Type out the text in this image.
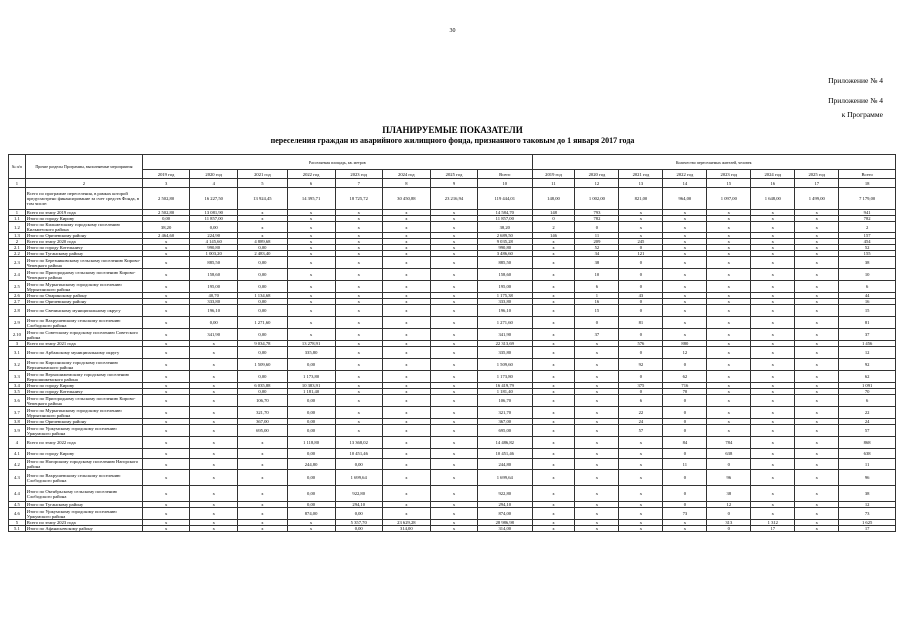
30
Приложение № 4
Приложение № 4
к Программе
ПЛАНИРУЕМЫЕ ПОКАЗАТЕЛИ
переселения граждан из аварийного жилищного фонда, признанного таковым до 1 января 2017 года
№ п/п	Прочие разделы Программы, выполняемые мероприятия	Расселяемая площадь, кв. метров								Количество переселяемых жителей, человек							
		2019 год	2020 год	2021 год	2022 год	2023 год	2024 год	2025 год	Всего	2019 год	2020 год	2021 год	2022 год	2023 год	2024 год	2025 год	Всего
1	2	3	4	5	6	7	8	9	10	11	12	13	14	15	16	17	18
	Всего по программе переселения, в рамках которой предусмотрено финансирование за счет средств Фонда, в том числе:	2 502,80	16 227,50	13 924,45	14 395,71	18 725,72	30 450,88	23 216,94	119 444,01	148,00	1 002,00	821,00	964,00	1 097,00	1 648,00	1 499,00	7 179,00
1	Всего по этапу 2019 года	2 502,80	13 081,90	x	x	x	x	x	14 584,70	148	793	x	x	x	x	x	941
1.1	Итого по городу Кирову	0,00	11 857,00	x	x	x	x	x	11 857,00	0	782	x	x	x	x	x	782
1.2	Итого по Кильмезскому городскому поселению Кильмезского района	38,20	0,00	x	x	x	x	x	38,20	2	0	x	x	x	x	x	2
1.3	Итого по Оричевскому району	2 464,60	224,90	x	x	x	x	x	2 689,50	146	11	x	x	x	x	x	157
2	Всего по этапу 2020 года	x	4 145,60	4 889,68	x	x	x	x	9 035,28	x	209	245	x	x	x	x	454
2.1	Итого по городу Котельничу	x	990,80	0,00	x	x	x	x	990,80	x	52	0	x	x	x	x	52
2.2	Итого по Туганскому району	x	1 003,20	2 483,40	x	x	x	x	3 486,60	x	34	121	x	x	x	x	155
2.3	Итого по Березниковскому сельскому поселению Кирово-Чепецкого района	x	885,50	0,00	x	x	x	x	885,50	x	38	0	x	x	x	x	38
2.4	Итого по Пригородному сельскому поселению Кирово-Чепецкого района	x	158,60	0,00	x	x	x	x	158,60	x	10	0	x	x	x	x	10
2.5	Итого по Мурыгинскому городскому поселению Мурыгинского района	x	195,00	0,00	x	x	x	x	195,00	x	6	0	x	x	x	x	6
2.6	Итого по Опаринскому району	x	40,70	1 134,68	x	x	x	x	1 175,38	x	1	43	x	x	x	x	44
2.7	Итого по Оричевскому району	x	333,80	0,00	x	x	x	x	333,80	x	16	0	x	x	x	x	16
2.8	Итого по Свечинскому муниципальному округу	x	196,10	0,00	x	x	x	x	196,10	x	15	0	x	x	x	x	15
2.9	Итого по Вахрушевскому сельскому поселению Слободского района	x	0,00	1 271,60	x	x	x	x	1 271,60	x	0	81	x	x	x	x	81
2.10	Итого по Советскому городскому поселению Советского района	x	341,90	0,00	x	x	x	x	341,90	x	37	0	x	x	x	x	37
3	Всего по этапу 2021 года	x	x	9 034,78	13 278,91	x	x	x	22 313,69	x	x	576	880	x	x	x	1 456
3.1	Итого по Арбажскому муниципальному округу	x	x	0,00	335,80	x	x	x	335,80	x	x	0	12	x	x	x	12
3.2	Итого по Кирсинскому городскому поселению Верхнекамского района	x	x	1 509,60	0,00	x	x	x	1 509,60	x	x	92	0	x	x	x	92
3.3	Итого по Верхошижемскому городскому поселению Верхошижемского района	x	x	0,00	1 173,80	x	x	x	1 173,80	x	x	0	62	x	x	x	62
3.4	Итого по городу Кирову	x	x	6 035,88	10 383,91	x	x	x	16 419,79	x	x	375	716	x	x	x	1 091
3.5	Итого по городу Котельничу	x	x	0,00	1 181,40	x	x	x	1 181,40	x	x	0	70	x	x	x	70
3.6	Итого по Пригородному сельскому поселению Кирово-Чепецкого района	x	x	106,70	0,00	x	x	x	106,70	x	x	6	0	x	x	x	6
3.7	Итого по Мурыгинскому городскому поселению Мурыгинского района	x	x	321,70	0,00	x	x	x	321,70	x	x	22	0	x	x	x	22
3.8	Итого по Оричевскому району	x	x	367,00	0,00	x	x	x	367,00	x	x	24	0	x	x	x	24
3.9	Итого по Уржумскому городскому поселению Уржумского района	x	x	695,00	0,00	x	x	x	695,00	x	x	57	0	x	x	x	57
4	Всего по этапу 2022 года	x	x	x	1 118,80	13 368,02	x	x	14 486,82	x	x	x	84	784	x	x	868
4.1	Итого по городу Кирову	x	x	x	0,00	10 451,46	x	x	10 451,46	x	x	x	0	638	x	x	638
4.2	Итого по Нагорскому городскому поселению Нагорского района	x	x	x	244,80	0,00	x	x	244,80	x	x	x	11	0	x	x	11
4.3	Итого по Вахрушевскому сельскому поселению Слободского района	x	x	x	0,00	1 699,64	x	x	1 699,64	x	x	x	0	96	x	x	96
4.4	Итого по Октябрьскому сельскому поселению Слободского района	x	x	x	0,00	922,80	x	x	922,80	x	x	x	0	38	x	x	38
4.5	Итого по Туганскому району	x	x	x	0,00	294,10	x	x	294,10	x	x	x	0	12	x	x	12
4.6	Итого по Уржумскому городскому поселению Уржумского района	x	x	x	874,00	0,00	x	x	874,00	x	x	x	73	0	x	x	73
5	Всего по этапу 2023 года	x	x	x	x	5 357,70	23 629,28	x	28 986,98	x	x	x	x	313	1 312	x	1 625
5.1	Итого по Афанасьевскому району	x	x	x	x	0,00	314,00	x	314,00	x	x	x	x	0	17	x	17
